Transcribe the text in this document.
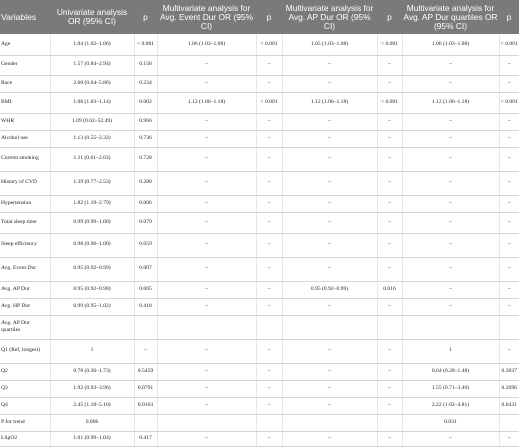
Variables	Univariate analysis OR (95% CI)	p	Multivariate analysis for Avg. Event Dur OR (95% CI)	p	Multivariate analysis for Avg. AP Dur OR (95% CI)	p	Multivariate analysis for Avg. AP Dur quartiles OR (95% CI)	p
Age	1.04 (1.02–1.06)	< 0.001	1.06 (1.03–1.08)	< 0.001	1.05 (1.03–1.08)	< 0.001	1.06 (1.03–1.08)	< 0.001
Gender	1.57 (0.84–2.94)	0.158	–	–	–	–	–	–
Race	2.00 (0.64–5.86)	0.234	–	–	–	–	–	–
BMI	1.08 (1.03–1.14)	0.002	1.12 (1.06–1.18)	< 0.001	1.12 (1.06–1.18)	< 0.001	1.12 (1.06–1.18)	< 0.001
WHR	1.09 (0.02–52.49)	0.966	–	–	–	–	–	–
Alcohol use	1.13 (0.55–2.32)	0.736	–	–	–	–	–	–
Current smoking	1.11 (0.61–2.03)	0.728	–	–	–	–	–	–
History of CVD	1.39 (0.77–2.53)	0.280	–	–	–	–	–	–
Hypertension	1.82 (1.19–2.79)	0.006	–	–	–	–	–	–
Total sleep time	0.99 (0.99–1.00)	0.079	–	–	–	–	–	–
Sleep efficiency	0.98 (0.96–1.00)	0.059	–	–	–	–	–	–
Avg. Event Dur	0.95 (0.92–0.99)	0.007	–	–	–	–	–	–
Avg. AP Dur	0.95 (0.92–0.98)	0.005	–	–	0.95 (0.92–0.99)	0.016	–	–
Avg. HP Dur	0.99 (0.95–1.02)	0.418	–	–	–	–	–	–
Avg. AP Dur quartiles								
Q1 (Ref, longest)	1	–	–	–	–	–	1	–
Q2	0.78 (0.36–1.73)	0.5459	–	–	–	–	0.64 (0.28–1.48)	0.3037
Q3	1.92 (0.93–3.96)	0.0791	–	–	–	–	1.55 (0.71–3.40)	0.2696
Q4	2.45 (1.18–5.10)	0.0163	–	–	–	–	2.22 (1.02–4.81)	0.0431
P for trend	0.006						0.031	
LSpO2	1.01 (0.99–1.04)	0.417	–	–	–	–	–	–
